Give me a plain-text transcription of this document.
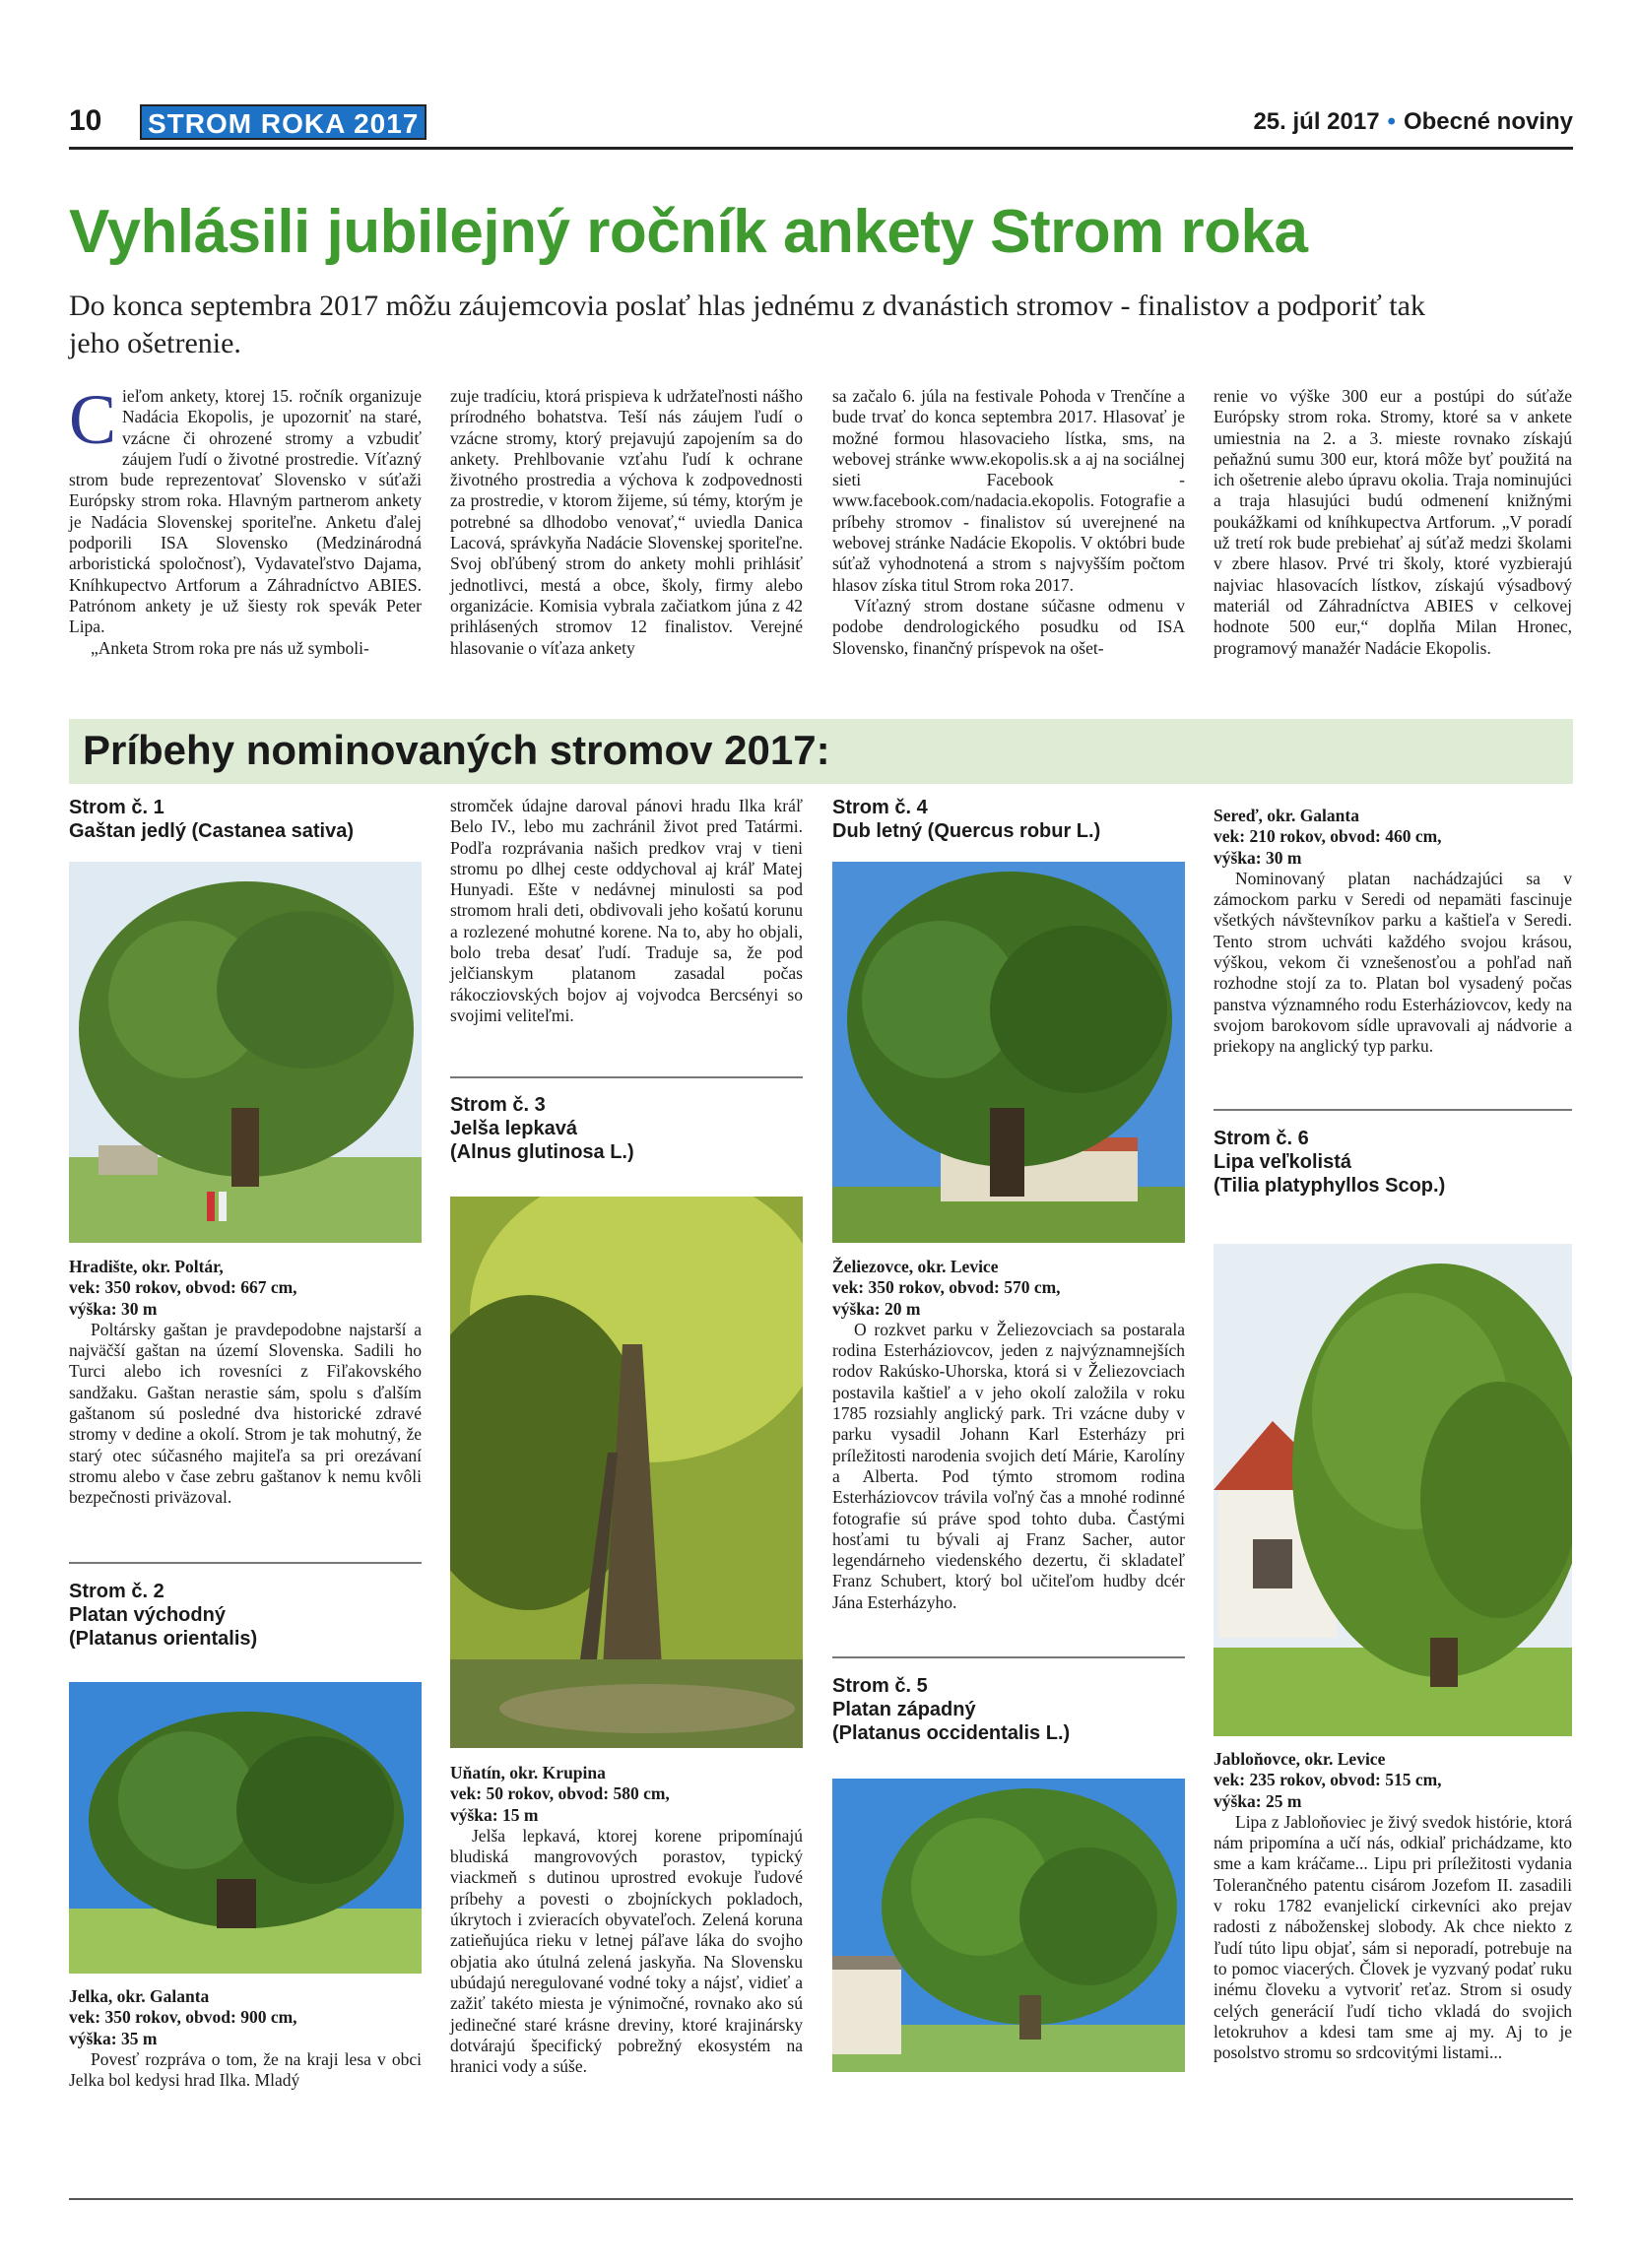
10 STROM ROKA 2017	25. júl 2017 • Obecné noviny
Vyhlásili jubilejný ročník ankety Strom roka

Do konca septembra 2017 môžu záujemcovia poslať hlas jednému z dvanástich stromov - finalistov a podporiť tak jeho ošetrenie.

Cieľom ankety, ktorej 15. ročník organizuje Nadácia Ekopolis, je upozorniť na staré, vzácne či ohrozené stromy a vzbudiť záujem ľudí o životné prostredie. Víťazný strom bude reprezentovať Slovensko v súťaži Európsky strom roka. Hlavným partnerom ankety je Nadácia Slovenskej sporiteľne. Anketu ďalej podporili ISA Slovensko (Medzinárodná arboristická spoločnosť), Vydavateľstvo Dajama, Kníhkupectvo Artforum a Záhradníctvo ABIES. Patrónom ankety je už šiesty rok spevák Peter Lipa.

„Anketa Strom roka pre nás už symboli-

zuje tradíciu, ktorá prispieva k udržateľnosti nášho prírodného bohatstva. Teší nás záujem ľudí o vzácne stromy, ktorý prejavujú zapojením sa do ankety. Prehlbovanie vzťahu ľudí k ochrane životného prostredia a výchova k zodpovednosti za prostredie, v ktorom žijeme, sú témy, ktorým je potrebné sa dlhodobo venovať,“ uviedla Danica Lacová, správkyňa Nadácie Slovenskej sporiteľne. Svoj obľúbený strom do ankety mohli prihlásiť jednotlivci, mestá a obce, školy, firmy alebo organizácie. Komisia vybrala začiatkom júna z 42 prihlásených stromov 12 finalistov. Verejné hlasovanie o víťaza ankety

sa začalo 6. júla na festivale Pohoda v Trenčíne a bude trvať do konca septembra 2017. Hlasovať je možné formou hlasovacieho lístka, sms, na webovej stránke www.ekopolis.sk a aj na sociálnej sieti Facebook - www.facebook.com/nadacia.ekopolis. Fotografie a príbehy stromov - finalistov sú uverejnené na webovej stránke Nadácie Ekopolis. V októbri bude súťaž vyhodnotená a strom s najvyšším počtom hlasov získa titul Strom roka 2017.

Víťazný strom dostane súčasne odmenu v podobe dendrologického posudku od ISA Slovensko, finančný príspevok na ošet-

renie vo výške 300 eur a postúpi do súťaže Európsky strom roka. Stromy, ktoré sa v ankete umiestnia na 2. a 3. mieste rovnako získajú peňažnú sumu 300 eur, ktorá môže byť použitá na ich ošetrenie alebo úpravu okolia. Traja nominujúci a traja hlasujúci budú odmenení knižnými poukážkami od kníhkupectva Artforum. „V poradí už tretí rok bude prebiehať aj súťaž medzi školami v zbere hlasov. Prvé tri školy, ktoré vyzbierajú najviac hlasovacích lístkov, získajú výsadbový materiál od Záhradníctva ABIES v celkovej hodnote 500 eur,“ doplňa Milan Hronec, programový manažér Nadácie Ekopolis.

Príbehy nominovaných stromov 2017:
Strom č. 1
Gaštan jedlý (Castanea sativa)
Hradište, okr. Poltár,
vek: 350 rokov, obvod: 667 cm,
výška: 30 m

Poltársky gaštan je pravdepodobne najstarší a najväčší gaštan na území Slovenska. Sadili ho Turci alebo ich rovesníci z Fiľakovského sandžaku. Gaštan nerastie sám, spolu s ďalším gaštanom sú posledné dva historické zdravé stromy v dedine a okolí. Strom je tak mohutný, že starý otec súčasného majiteľa sa pri orezávaní stromu alebo v čase zebru gaštanov k nemu kvôli bezpečnosti priväzoval.

Strom č. 2
Platan východný
(Platanus orientalis)
Jelka, okr. Galanta
vek: 350 rokov, obvod: 900 cm,
výška: 35 m

Povesť rozpráva o tom, že na kraji lesa v obci Jelka bol kedysi hrad Ilka. Mladý

stromček údajne daroval pánovi hradu Ilka kráľ Belo IV., lebo mu zachránil život pred Tatármi. Podľa rozprávania našich predkov vraj v tieni stromu po dlhej ceste oddychoval aj kráľ Matej Hunyadi. Ešte v nedávnej minulosti sa pod stromom hrali deti, obdivovali jeho košatú korunu a rozlezené mohutné korene. Na to, aby ho objali, bolo treba desať ľudí. Traduje sa, že pod jelčianskym platanom zasadal počas rákocziovských bojov aj vojvodca Bercsényi so svojimi veliteľmi.

Strom č. 3
Jelša lepkavá
(Alnus glutinosa L.)
Uňatín, okr. Krupina
vek: 50 rokov, obvod: 580 cm,
výška: 15 m

Jelša lepkavá, ktorej korene pripomínajú bludiská mangrovových porastov, typický viackmeň s dutinou uprostred evokuje ľudové príbehy a povesti o zbojníckych pokladoch, úkrytoch i zvieracích obyvateľoch. Zelená koruna zatieňujúca rieku v letnej páľave láka do svojho objatia ako útulná zelená jaskyňa. Na Slovensku ubúdajú neregulované vodné toky a nájsť, vidieť a zažiť takéto miesta je výnimočné, rovnako ako sú jedinečné staré krásne dreviny, ktoré krajinársky dotvárajú špecifický pobrežný ekosystém na hranici vody a súše.

Strom č. 4
Dub letný (Quercus robur L.)
Želiezovce, okr. Levice
vek: 350 rokov, obvod: 570 cm,
výška: 20 m

O rozkvet parku v Želiezovciach sa postarala rodina Esterháziovcov, jeden z najvýznamnejších rodov Rakúsko-Uhorska, ktorá si v Želiezovciach postavila kaštieľ a v jeho okolí založila v roku 1785 rozsiahly anglický park. Tri vzácne duby v parku vysadil Johann Karl Esterházy pri príležitosti narodenia svojich detí Márie, Karolíny a Alberta. Pod týmto stromom rodina Esterháziovcov trávila voľný čas a mnohé rodinné fotografie sú práve spod tohto duba. Častými hosťami tu bývali aj Franz Sacher, autor legendárneho viedenského dezertu, či skladateľ Franz Schubert, ktorý bol učiteľom hudby dcér Jána Esterházyho.

Strom č. 5
Platan západný
(Platanus occidentalis L.)
Sereď, okr. Galanta
vek: 210 rokov, obvod: 460 cm,
výška: 30 m

Nominovaný platan nachádzajúci sa v zámockom parku v Seredi od nepamäti fascinuje všetkých návštevníkov parku a kaštieľa v Seredi. Tento strom uchváti každého svojou krásou, výškou, vekom či vznešenosťou a pohľad naň rozhodne stojí za to. Platan bol vysadený počas panstva významného rodu Esterháziovcov, kedy na svojom barokovom sídle upravovali aj nádvorie a priekopy na anglický typ parku.

Strom č. 6
Lipa veľkolistá
(Tilia platyphyllos Scop.)
Jabloňovce, okr. Levice
vek: 235 rokov, obvod: 515 cm,
výška: 25 m

Lipa z Jabloňoviec je živý svedok histórie, ktorá nám pripomína a učí nás, odkiaľ prichádzame, kto sme a kam kráčame... Lipu pri príležitosti vydania Tolerančného patentu cisárom Jozefom II. zasadili v roku 1782 evanjelickí cirkevníci ako prejav radosti z náboženskej slobody. Ak chce niekto z ľudí túto lipu objať, sám si neporadí, potrebuje na to pomoc viacerých. Človek je vyzvaný podať ruku inému človeku a vytvoriť reťaz. Strom si osudy celých generácií ľudí ticho vkladá do svojich letokruhov a kdesi tam sme aj my. Aj to je posolstvo stromu so srdcovitými listami...
